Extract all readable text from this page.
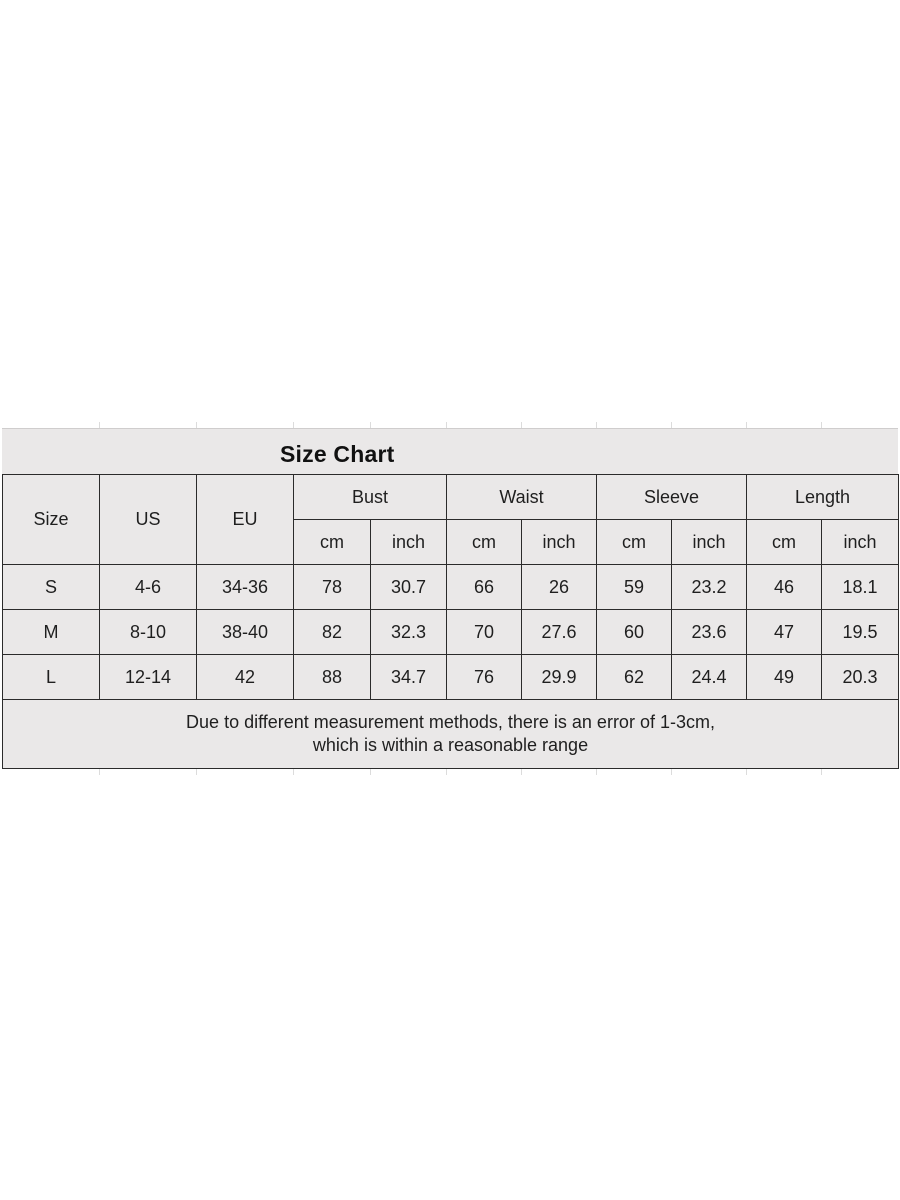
Size Chart
Size	US	EU	Bust		Waist		Sleeve		Length	
			cm	inch	cm	inch	cm	inch	cm	inch
S	4-6	34-36	78	30.7	66	26	59	23.2	46	18.1
M	8-10	38-40	82	32.3	70	27.6	60	23.6	47	19.5
L	12-14	42	88	34.7	76	29.9	62	24.4	49	20.3

Due to different measurement methods, there is an error of 1-3cm,
which is within a reasonable range										
